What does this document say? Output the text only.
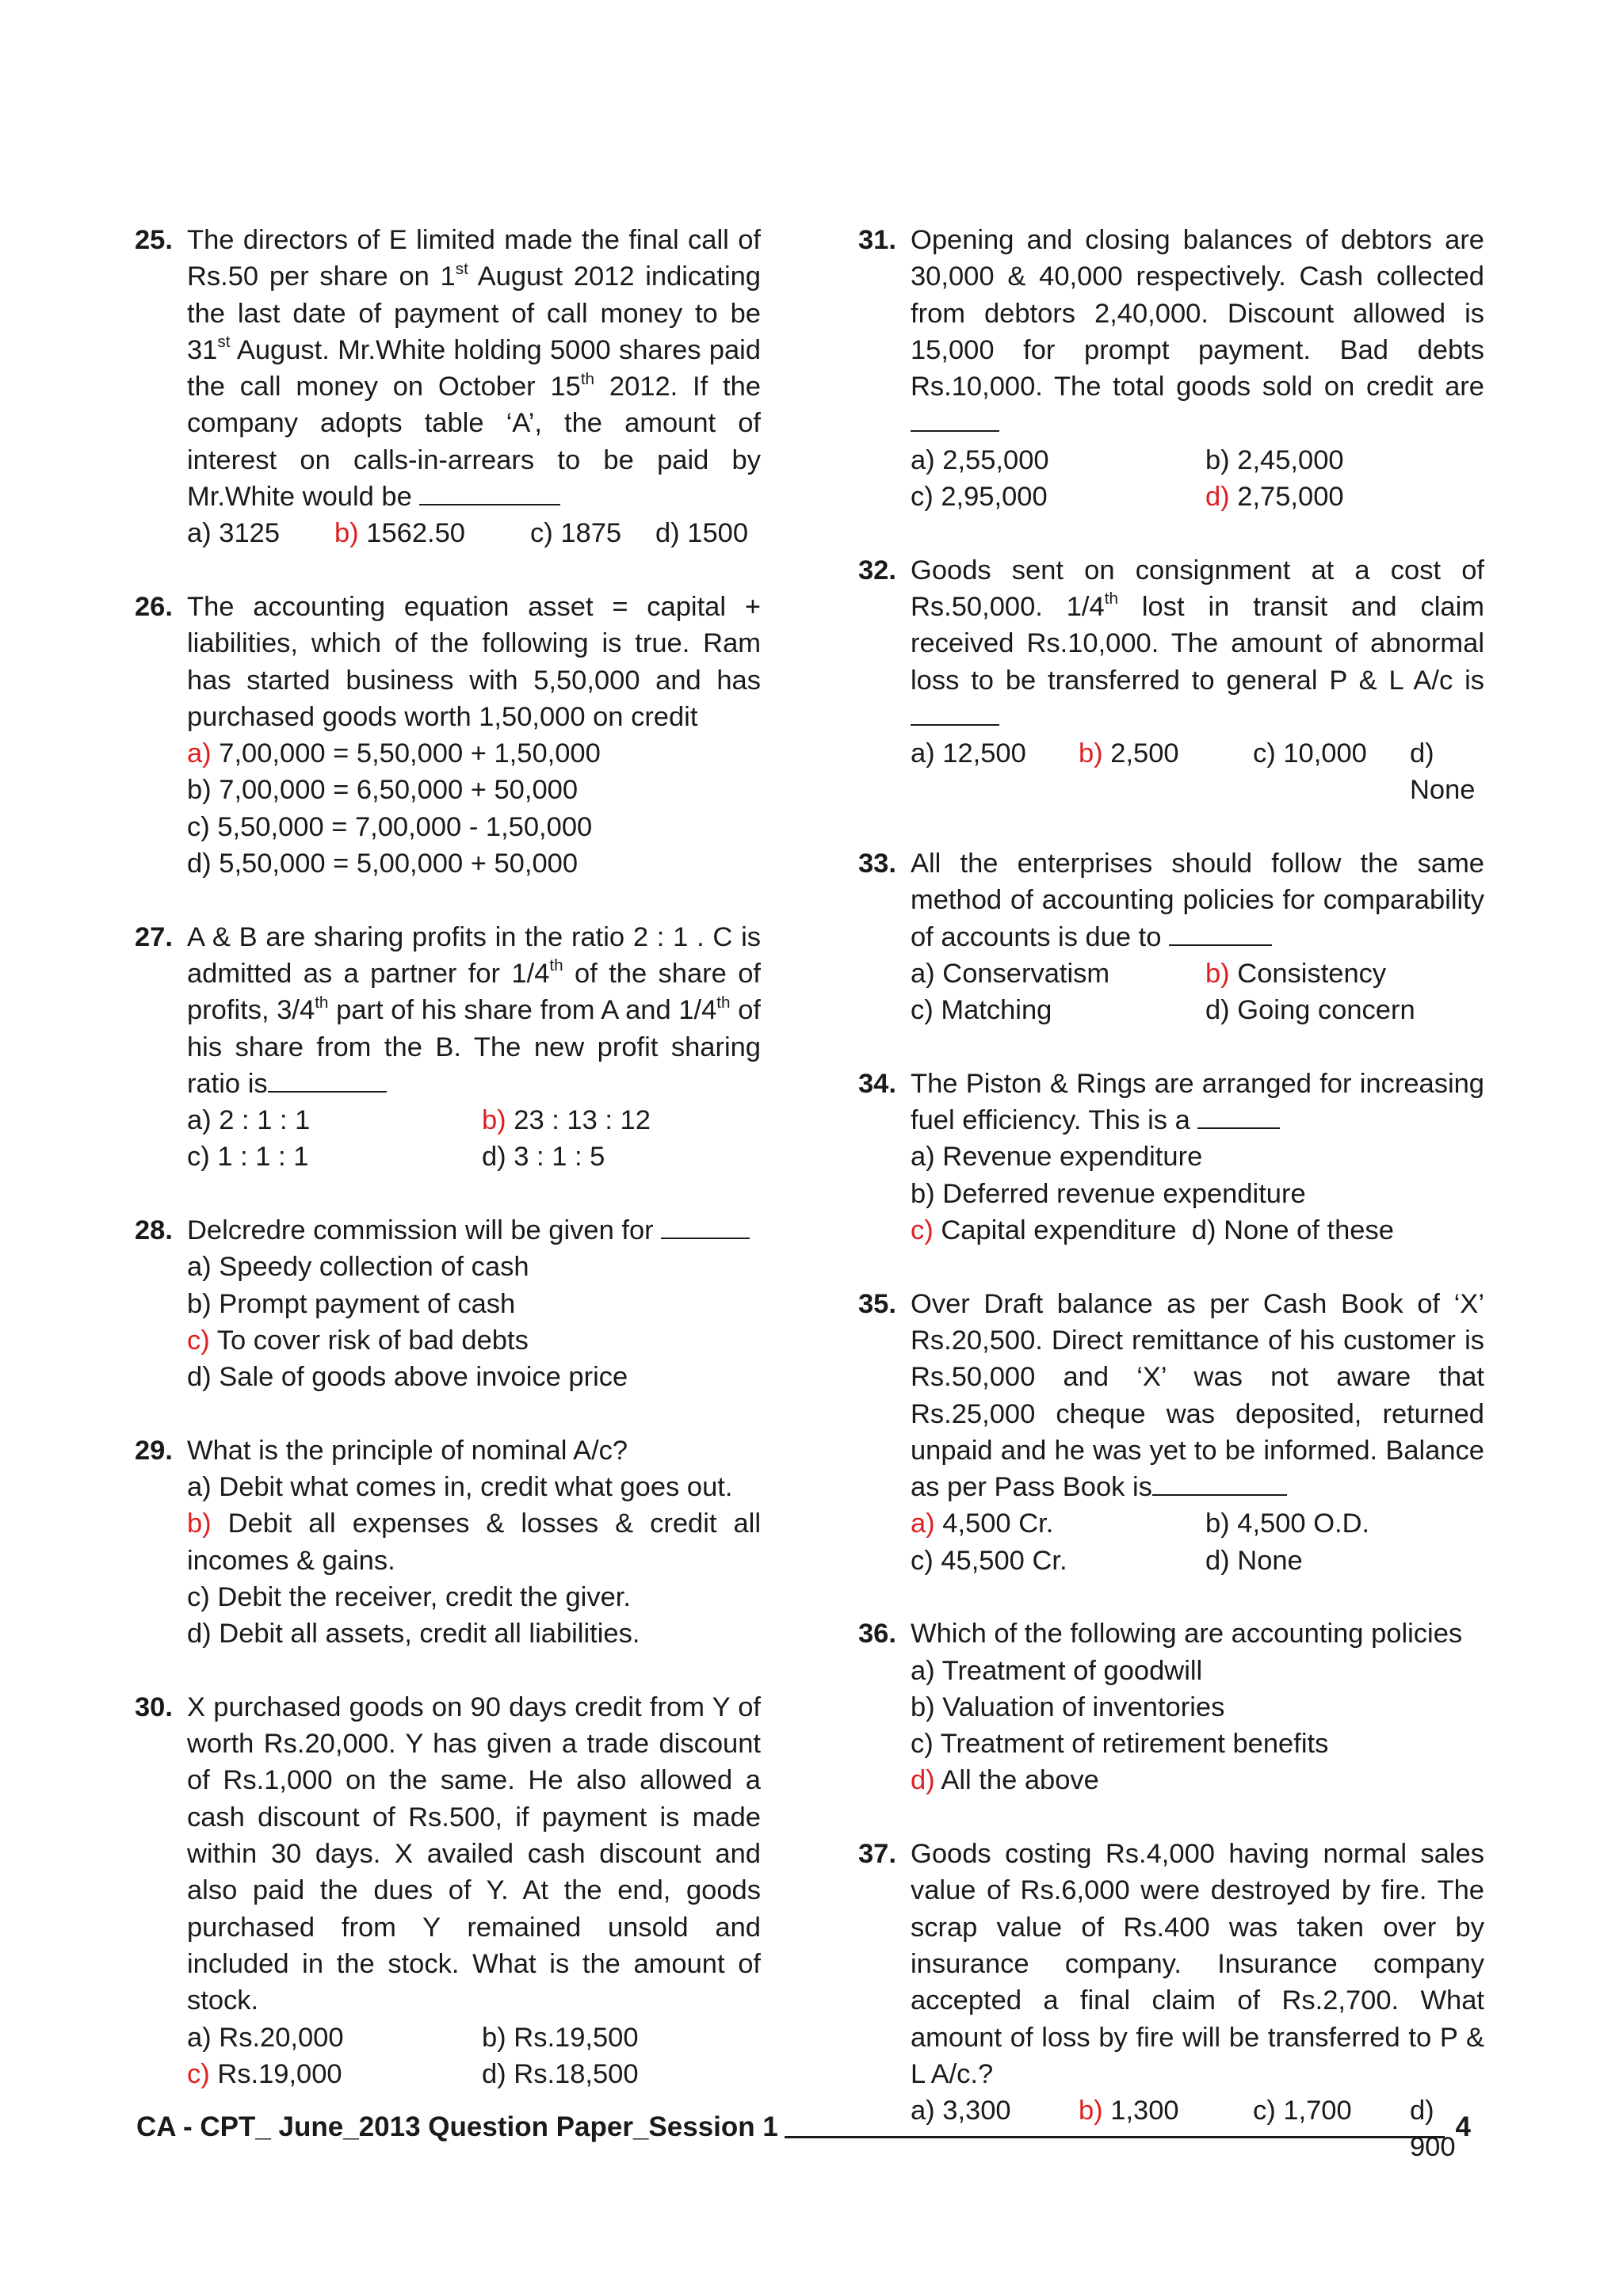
25. The directors of E limited made the final call of Rs.50 per share on 1st August 2012 indicating the last date of payment of call money to be 31st August. Mr.White holding 5000 shares paid the call money on October 15th 2012. If the company adopts table ‘A’, the amount of interest on calls-in-arrears to be paid by Mr.White would be
a) 3125	b) 1562.50	c) 1875	d) 1500
26. The accounting equation asset = capital + liabilities, which of the following is true. Ram has started business with 5,50,000 and has purchased goods worth 1,50,000 on credit
a) 7,00,000 = 5,50,000 + 1,50,000
b) 7,00,000 = 6,50,000 + 50,000
c) 5,50,000 = 7,00,000 - 1,50,000
d) 5,50,000 = 5,00,000 + 50,000
27. A & B are sharing profits in the ratio 2 : 1 . C is admitted as a partner for 1/4th of the share of profits, 3/4th part of his share from A and 1/4th of his share from the B. The new profit sharing ratio is
a) 2 : 1 : 1	b) 23 : 13 : 12
c) 1 : 1 : 1	d) 3 : 1 : 5
28. Delcredre commission will be given for
a) Speedy collection of cash
b) Prompt payment of cash
c) To cover risk of bad debts
d) Sale of goods above invoice price
29. What is the principle of nominal A/c?
a) Debit what comes in, credit what goes out.
b) Debit all expenses & losses & credit all incomes & gains.
c) Debit the receiver, credit the giver.
d) Debit all assets, credit all liabilities.
30. X purchased goods on 90 days credit from Y of worth Rs.20,000. Y has given a trade discount of Rs.1,000 on the same. He also allowed a cash discount of Rs.500, if payment is made within 30 days. X availed cash discount and also paid the dues of Y. At the end, goods purchased from Y remained unsold and included in the stock. What is the amount of stock.
a) Rs.20,000	b) Rs.19,500
c) Rs.19,000	d) Rs.18,500
31. Opening and closing balances of debtors are 30,000 & 40,000 respectively. Cash collected from debtors 2,40,000. Discount allowed is 15,000 for prompt payment. Bad debts Rs.10,000. The total goods sold on credit are
a) 2,55,000	b) 2,45,000
c) 2,95,000	d) 2,75,000
32. Goods sent on consignment at a cost of Rs.50,000. 1/4th lost in transit and claim received Rs.10,000. The amount of abnormal loss to be transferred to general P & L A/c is
a) 12,500	b) 2,500	c) 10,000	d) None
33. All the enterprises should follow the same method of accounting policies for comparability of accounts is due to
a) Conservatism	b) Consistency
c) Matching	d) Going concern
34. The Piston & Rings are arranged for increasing fuel efficiency. This is a
a) Revenue expenditure
b) Deferred revenue expenditure
c) Capital expenditure d) None of these
35. Over Draft balance as per Cash Book of ‘X’ Rs.20,500. Direct remittance of his customer is Rs.50,000 and ‘X’ was not aware that Rs.25,000 cheque was deposited, returned unpaid and he was yet to be informed. Balance as per Pass Book is
a) 4,500 Cr.	b) 4,500 O.D.
c) 45,500 Cr.	d) None
36. Which of the following are accounting policies
a) Treatment of goodwill
b) Valuation of inventories
c) Treatment of retirement benefits
d) All the above
37. Goods costing Rs.4,000 having normal sales value of Rs.6,000 were destroyed by fire. The scrap value of Rs.400 was taken over by insurance company. Insurance company accepted a final claim of Rs.2,700. What amount of loss by fire will be transferred to P & L A/c.?
a) 3,300	b) 1,300	c) 1,700	d) 900
CA - CPT_ June_2013 Question Paper_Session 1	4
